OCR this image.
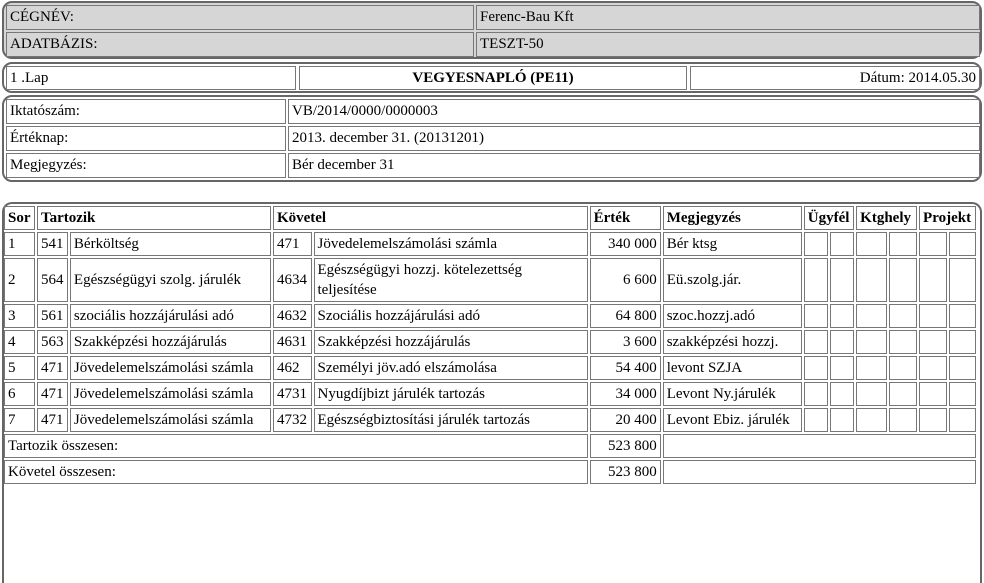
CÉGNÉV:	Ferenc-Bau Kft
ADATBÁZIS:	TESZT-50
1 .Lap	VEGYESNAPLÓ (PE11)	Dátum: 2014.05.30
Iktatószám:	VB/2014/0000/0000003
Értéknap:	2013. december 31. (20131201)
Megjegyzés:	Bér december 31
Sor	Tartozik		Követel		Érték	Megjegyzés	Ügyfél		Ktghely		Projekt	
1	541	Bérköltség	471	Jövedelemelszámolási számla	340 000	Bér ktsg						
2	564	Egészségügyi szolg. járulék	4634	Egészségügyi hozzj. kötelezettség teljesítése	6 600	Eü.szolg.jár.						
3	561	szociális hozzájárulási adó	4632	Szociális hozzájárulási adó	64 800	szoc.hozzj.adó						
4	563	Szakképzési hozzájárulás	4631	Szakképzési hozzájárulás	3 600	szakképzési hozzj.						
5	471	Jövedelemelszámolási számla	462	Személyi jöv.adó elszámolása	54 400	levont SZJA						
6	471	Jövedelemelszámolási számla	4731	Nyugdíjbizt járulék tartozás	34 000	Levont Ny.járulék						
7	471	Jövedelemelszámolási számla	4732	Egészségbiztosítási járulék tartozás	20 400	Levont Ebiz. járulék						
Tartozik összesen:					523 800							
Követel összesen:					523 800							
